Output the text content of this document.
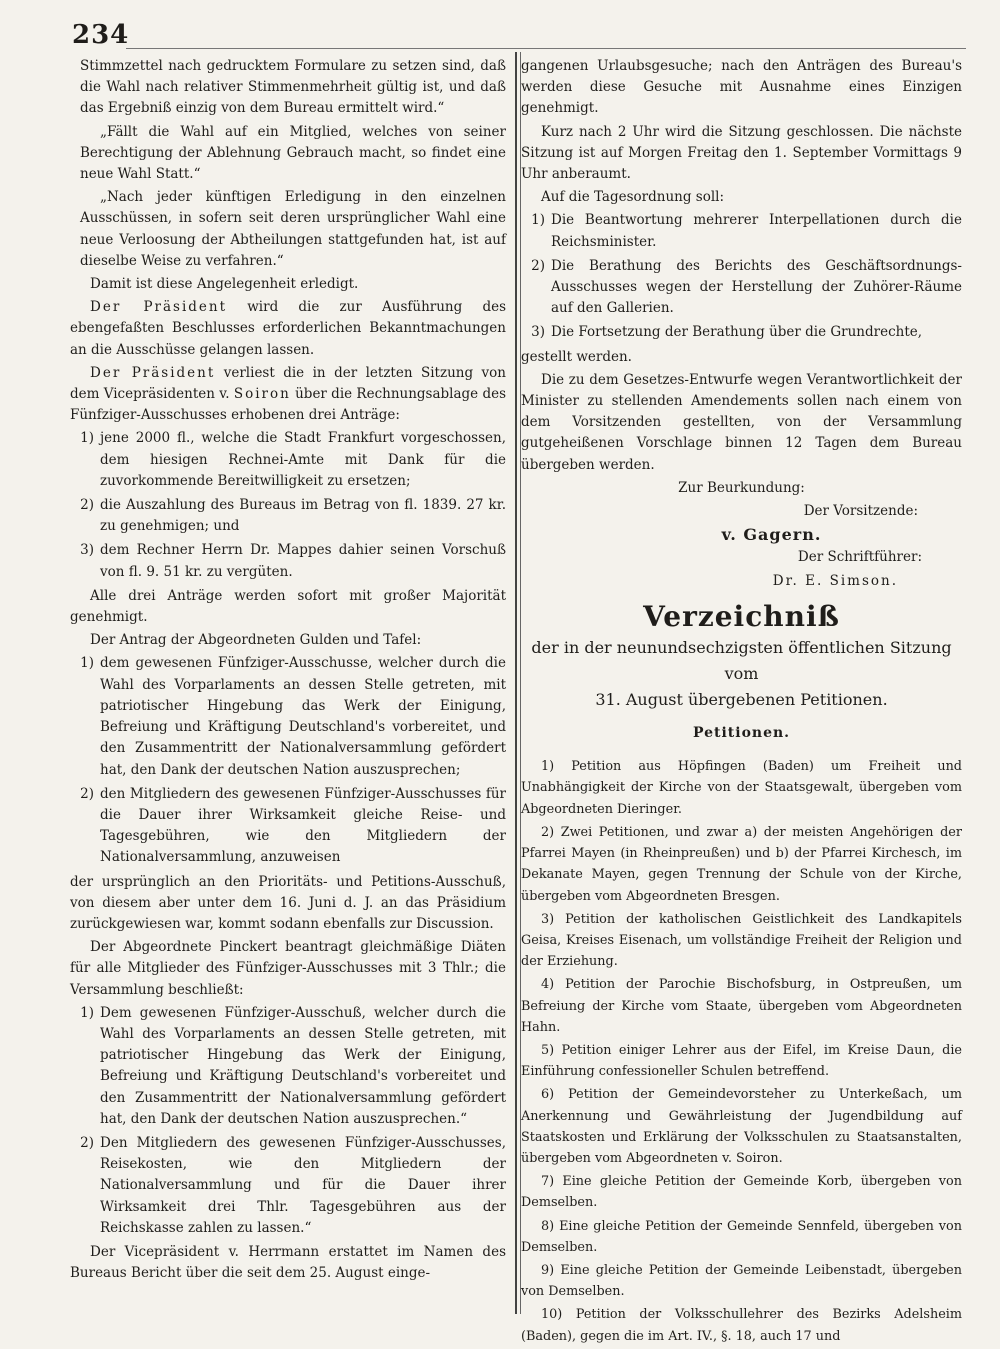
234

Stimmzettel nach gedrucktem Formulare zu setzen sind, daß die Wahl nach relativer Stimmenmehrheit gültig ist, und daß das Ergebniß einzig von dem Bureau ermittelt wird.“

„Fällt die Wahl auf ein Mitglied, welches von seiner Berechtigung der Ablehnung Gebrauch macht, so findet eine neue Wahl Statt.“

„Nach jeder künftigen Erledigung in den einzelnen Ausschüssen, in sofern seit deren ursprünglicher Wahl eine neue Verloosung der Abtheilungen stattgefunden hat, ist auf dieselbe Weise zu verfahren.“

Damit ist diese Angelegenheit erledigt.

Der Präsident wird die zur Ausführung des ebengefaßten Beschlusses erforderlichen Bekanntmachungen an die Ausschüsse gelangen lassen.

Der Präsident verliest die in der letzten Sitzung von dem Vicepräsidenten v. Soiron über die Rechnungsablage des Fünfziger-Ausschusses erhobenen drei Anträge:

1) jene 2000 fl., welche die Stadt Frankfurt vorgeschossen, dem hiesigen Rechnei-Amte mit Dank für die zuvorkommende Bereitwilligkeit zu ersetzen;
2) die Auszahlung des Bureaus im Betrag von fl. 1839. 27 kr. zu genehmigen; und
3) dem Rechner Herrn Dr. Mappes dahier seinen Vorschuß von fl. 9. 51 kr. zu vergüten.

Alle drei Anträge werden sofort mit großer Majorität genehmigt.

Der Antrag der Abgeordneten Gulden und Tafel:

1) dem gewesenen Fünfziger-Ausschusse, welcher durch die Wahl des Vorparlaments an dessen Stelle getreten, mit patriotischer Hingebung das Werk der Einigung, Befreiung und Kräftigung Deutschland's vorbereitet, und den Zusammentritt der Nationalversammlung gefördert hat, den Dank der deutschen Nation auszusprechen;
2) den Mitgliedern des gewesenen Fünfziger-Ausschusses für die Dauer ihrer Wirksamkeit gleiche Reise- und Tagesgebühren, wie den Mitgliedern der Nationalversammlung, anzuweisen

der ursprünglich an den Prioritäts- und Petitions-Ausschuß, von diesem aber unter dem 16. Juni d. J. an das Präsidium zurückgewiesen war, kommt sodann ebenfalls zur Discussion.

Der Abgeordnete Pinckert beantragt gleichmäßige Diäten für alle Mitglieder des Fünfziger-Ausschusses mit 3 Thlr.; die Versammlung beschließt:

1) Dem gewesenen Fünfziger-Ausschuß, welcher durch die Wahl des Vorparlaments an dessen Stelle getreten, mit patriotischer Hingebung das Werk der Einigung, Befreiung und Kräftigung Deutschland's vorbereitet und den Zusammentritt der Nationalversammlung gefördert hat, den Dank der deutschen Nation auszusprechen.“
2) Den Mitgliedern des gewesenen Fünfziger-Ausschusses, Reisekosten, wie den Mitgliedern der Nationalversammlung und für die Dauer ihrer Wirksamkeit drei Thlr. Tagesgebühren aus der Reichskasse zahlen zu lassen.“

Der Vicepräsident v. Herrmann erstattet im Namen des Bureaus Bericht über die seit dem 25. August einge-

gangenen Urlaubsgesuche; nach den Anträgen des Bureau's werden diese Gesuche mit Ausnahme eines Einzigen genehmigt.

Kurz nach 2 Uhr wird die Sitzung geschlossen. Die nächste Sitzung ist auf Morgen Freitag den 1. September Vormittags 9 Uhr anberaumt.

Auf die Tagesordnung soll:

1) Die Beantwortung mehrerer Interpellationen durch die Reichsminister.
2) Die Berathung des Berichts des Geschäftsordnungs-Ausschusses wegen der Herstellung der Zuhörer-Räume auf den Gallerien.
3) Die Fortsetzung der Berathung über die Grundrechte,

gestellt werden.

Die zu dem Gesetzes-Entwurfe wegen Verantwortlichkeit der Minister zu stellenden Amendements sollen nach einem von dem Vorsitzenden gestellten, von der Versammlung gutgeheißenen Vorschlage binnen 12 Tagen dem Bureau übergeben werden.

Zur Beurkundung:

Der Vorsitzende:

v. Gagern.

Der Schriftführer:

Dr. E. Simson.

Verzeichniß
der in der neunundsechzigsten öffentlichen Sitzung vom
31. August übergebenen Petitionen.
Petitionen.

1) Petition aus Höpfingen (Baden) um Freiheit und Unabhängigkeit der Kirche von der Staatsgewalt, übergeben vom Abgeordneten Dieringer.

2) Zwei Petitionen, und zwar a) der meisten Angehörigen der Pfarrei Mayen (in Rheinpreußen) und b) der Pfarrei Kirchesch, im Dekanate Mayen, gegen Trennung der Schule von der Kirche, übergeben vom Abgeordneten Bresgen.

3) Petition der katholischen Geistlichkeit des Landkapitels Geisa, Kreises Eisenach, um vollständige Freiheit der Religion und der Erziehung.

4) Petition der Parochie Bischofsburg, in Ostpreußen, um Befreiung der Kirche vom Staate, übergeben vom Abgeordneten Hahn.

5) Petition einiger Lehrer aus der Eifel, im Kreise Daun, die Einführung confessioneller Schulen betreffend.

6) Petition der Gemeindevorsteher zu Unterkeßach, um Anerkennung und Gewährleistung der Jugendbildung auf Staatskosten und Erklärung der Volksschulen zu Staatsanstalten, übergeben vom Abgeordneten v. Soiron.

7) Eine gleiche Petition der Gemeinde Korb, übergeben von Demselben.

8) Eine gleiche Petition der Gemeinde Sennfeld, übergeben von Demselben.

9) Eine gleiche Petition der Gemeinde Leibenstadt, übergeben von Demselben.

10) Petition der Volksschullehrer des Bezirks Adelsheim (Baden), gegen die im Art. IV., §. 18, auch 17 und
